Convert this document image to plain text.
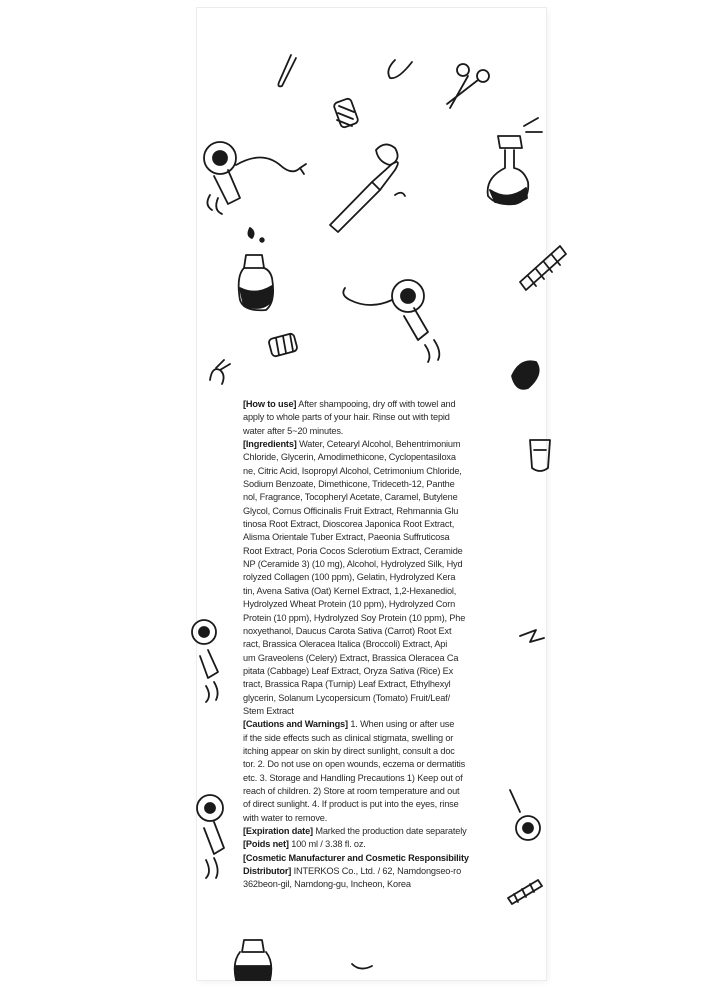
[How to use] After shampooing, dry off with towel and
apply to whole parts of your hair. Rinse out with tepid
water after 5~20 minutes.
[Ingredients] Water, Cetearyl Alcohol, Behentrimonium
Chloride, Glycerin, Amodimethicone, Cyclopentasiloxa
ne, Citric Acid, Isopropyl Alcohol, Cetrimonium Chloride,
Sodium Benzoate, Dimethicone, Trideceth-12, Panthe
nol, Fragrance, Tocopheryl Acetate, Caramel, Butylene
Glycol, Cornus Officinalis Fruit Extract, Rehmannia Glu
tinosa Root Extract, Dioscorea Japonica Root Extract,
Alisma Orientale Tuber Extract, Paeonia Suffruticosa
Root Extract, Poria Cocos Sclerotium Extract, Ceramide
NP (Ceramide 3) (10 mg), Alcohol, Hydrolyzed Silk, Hyd
rolyzed Collagen (100 ppm), Gelatin, Hydrolyzed Kera
tin, Avena Sativa (Oat) Kernel Extract, 1,2-Hexanediol,
Hydrolyzed Wheat Protein (10 ppm), Hydrolyzed Corn
Protein (10 ppm), Hydrolyzed Soy Protein (10 ppm), Phe
noxyethanol, Daucus Carota Sativa (Carrot) Root Ext
ract, Brassica Oleracea Italica (Broccoli) Extract, Api
um Graveolens (Celery) Extract, Brassica Oleracea Ca
pitata (Cabbage) Leaf Extract, Oryza Sativa (Rice) Ex
tract, Brassica Rapa (Turnip) Leaf Extract, Ethylhexyl
glycerin, Solanum Lycopersicum (Tomato) Fruit/Leaf/
Stem Extract
[Cautions and Warnings] 1. When using or after use
if the side effects such as clinical stigmata, swelling or
itching appear on skin by direct sunlight, consult a doc
tor. 2. Do not use on open wounds, eczema or dermatitis
etc. 3. Storage and Handling Precautions 1) Keep out of
reach of children. 2) Store at room temperature and out
of direct sunlight. 4. If product is put into the eyes, rinse
with water to remove.
[Expiration date] Marked the production date separately
[Poids net] 100 ml / 3.38 fl. oz.
[Cosmetic Manufacturer and Cosmetic Responsibility
Distributor] INTERKOS Co., Ltd. / 62, Namdongseo-ro
362beon-gil, Namdong-gu, Incheon, Korea
